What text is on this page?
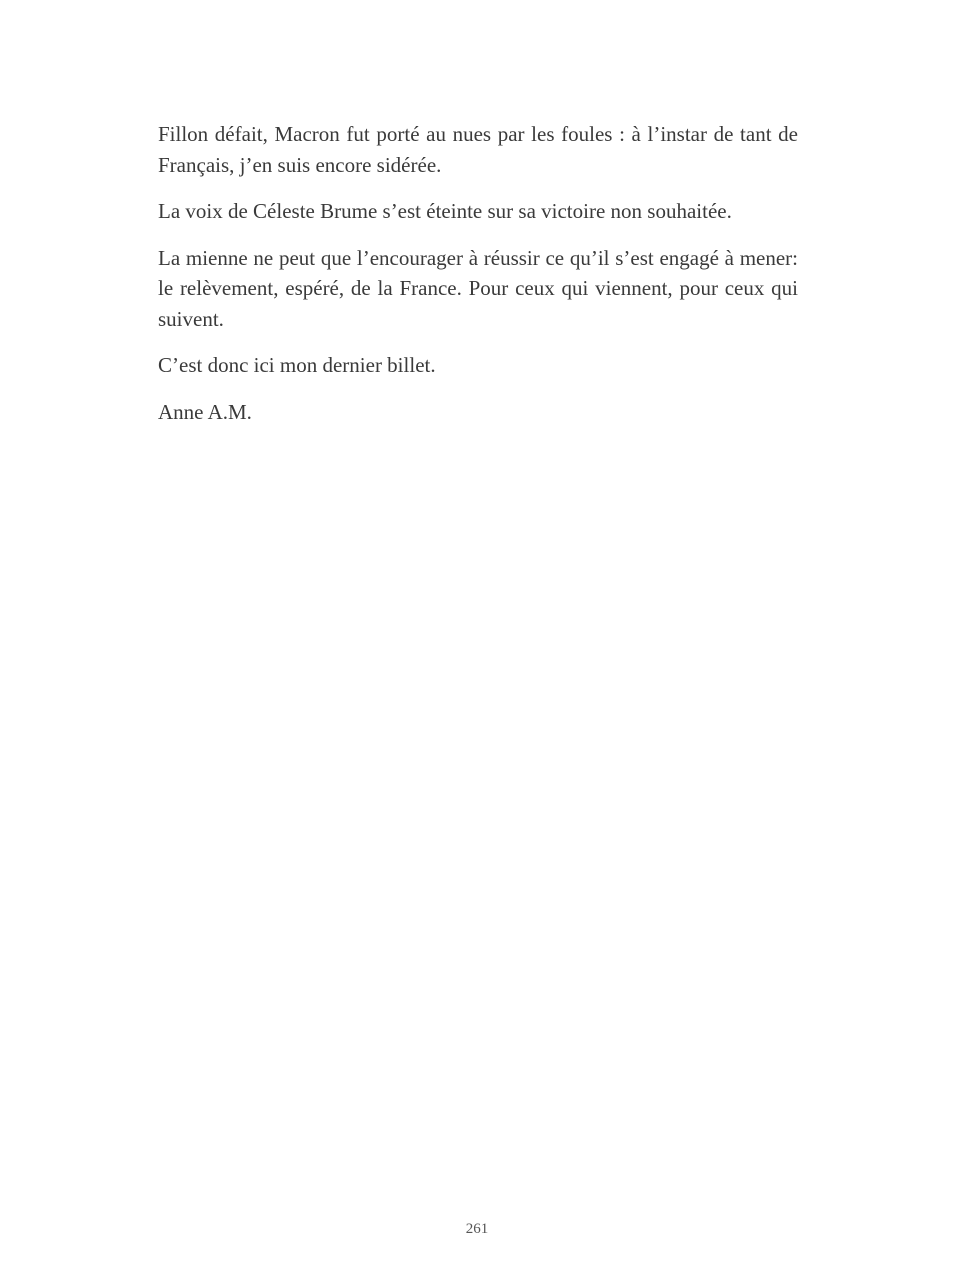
Fillon défait, Macron fut porté au nues par les foules : à l’instar de tant de Français, j’en suis encore sidérée.

La voix de Céleste Brume s’est éteinte sur sa victoire non souhaitée.

La mienne ne peut que l’encourager à réussir ce qu’il s’est engagé à mener: le relèvement, espéré, de la France. Pour ceux qui viennent, pour ceux qui suivent.

C’est donc ici mon dernier billet.

Anne A.M.

261
